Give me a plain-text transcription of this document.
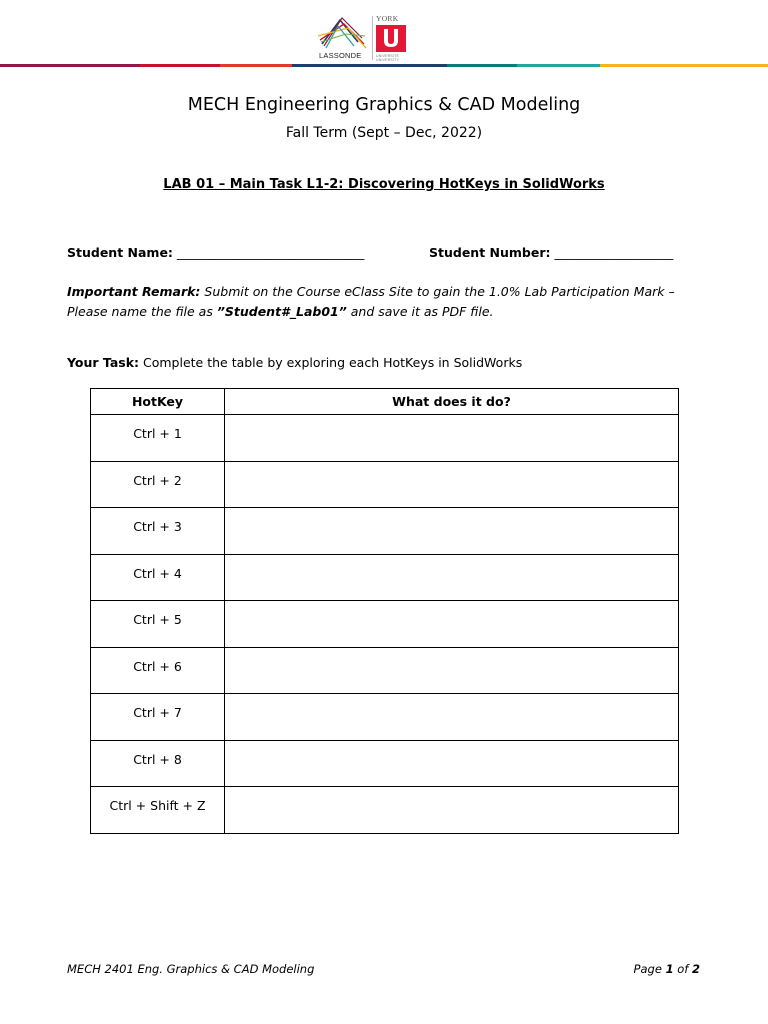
LASSONDE
YORK
UNIVERSITÉ UNIVERSITY
MECH Engineering Graphics & CAD Modeling
Fall Term (Sept – Dec, 2022)
LAB 01 – Main Task L1-2: Discovering HotKeys in SolidWorks
Student Name: ______________________________	Student Number: ___________________
Important Remark: Submit on the Course eClass Site to gain the 1.0% Lab Participation Mark – Please name the file as ”Student#_Lab01” and save it as PDF file.
Your Task: Complete the table by exploring each HotKeys in SolidWorks
HotKey	What does it do?
Ctrl + 1	
Ctrl + 2	
Ctrl + 3	
Ctrl + 4	
Ctrl + 5	
Ctrl + 6	
Ctrl + 7	
Ctrl + 8	
Ctrl + Shift + Z	
MECH 2401 Eng. Graphics & CAD Modeling	Page 1 of 2
